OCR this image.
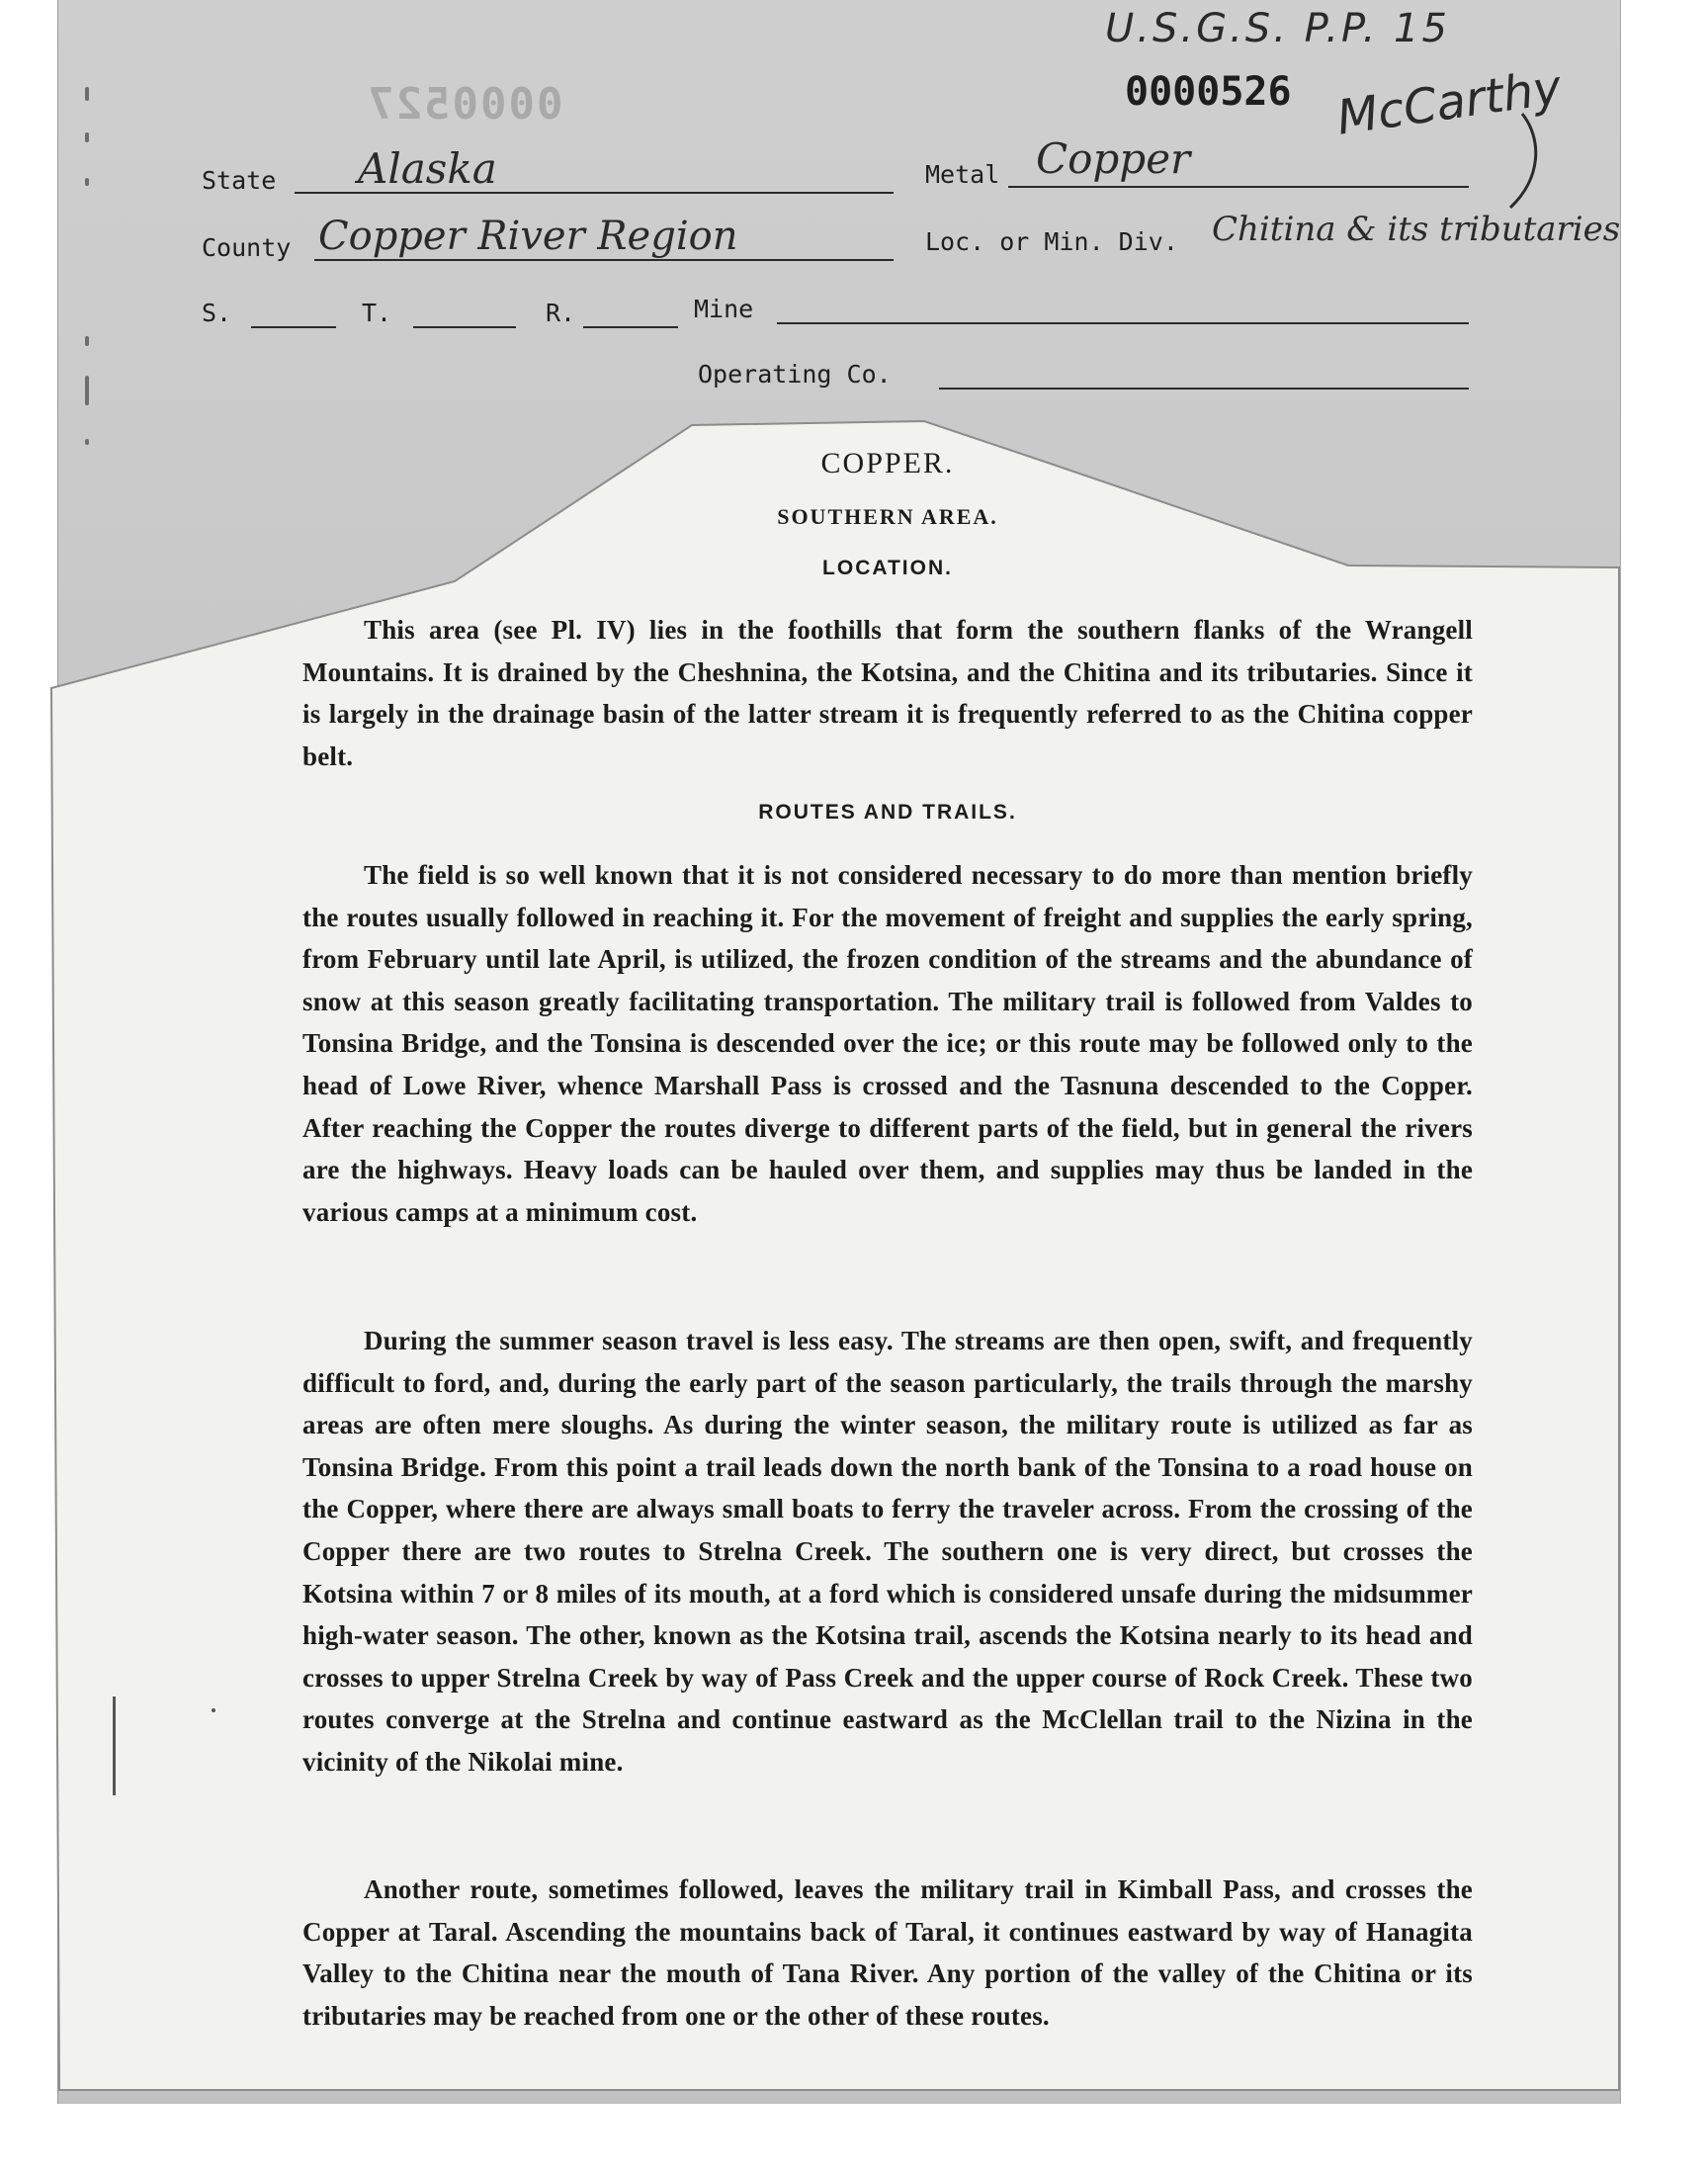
0000527
U.S.G.S. P.P. 15
0000526 McCarthy
State Alaska	Metal Copper
County Copper River Region	Loc. or Min. Div. Chitina & its tributaries
S.	T.	R.	Mine
Operating Co.
COPPER.
SOUTHERN AREA.
LOCATION.
This area (see Pl. IV) lies in the foothills that form the southern flanks of the Wrangell Mountains. It is drained by the Cheshnina, the Kotsina, and the Chitina and its tributaries. Since it is largely in the drainage basin of the latter stream it is frequently referred to as the Chitina copper belt.
ROUTES AND TRAILS.
The field is so well known that it is not considered necessary to do more than mention briefly the routes usually followed in reaching it. For the movement of freight and supplies the early spring, from February until late April, is utilized, the frozen condition of the streams and the abundance of snow at this season greatly facilitating transportation. The military trail is followed from Valdes to Tonsina Bridge, and the Tonsina is descended over the ice; or this route may be followed only to the head of Lowe River, whence Marshall Pass is crossed and the Tasnuna descended to the Copper. After reaching the Copper the routes diverge to different parts of the field, but in general the rivers are the highways. Heavy loads can be hauled over them, and supplies may thus be landed in the various camps at a minimum cost.
During the summer season travel is less easy. The streams are then open, swift, and frequently difficult to ford, and, during the early part of the season particularly, the trails through the marshy areas are often mere sloughs. As during the winter season, the military route is utilized as far as Tonsina Bridge. From this point a trail leads down the north bank of the Tonsina to a road house on the Copper, where there are always small boats to ferry the traveler across. From the crossing of the Copper there are two routes to Strelna Creek. The southern one is very direct, but crosses the Kotsina within 7 or 8 miles of its mouth, at a ford which is considered unsafe during the midsummer high-water season. The other, known as the Kotsina trail, ascends the Kotsina nearly to its head and crosses to upper Strelna Creek by way of Pass Creek and the upper course of Rock Creek. These two routes converge at the Strelna and continue eastward as the McClellan trail to the Nizina in the vicinity of the Nikolai mine.
Another route, sometimes followed, leaves the military trail in Kimball Pass, and crosses the Copper at Taral. Ascending the mountains back of Taral, it continues eastward by way of Hanagita Valley to the Chitina near the mouth of Tana River. Any portion of the valley of the Chitina or its tributaries may be reached from one or the other of these routes.
